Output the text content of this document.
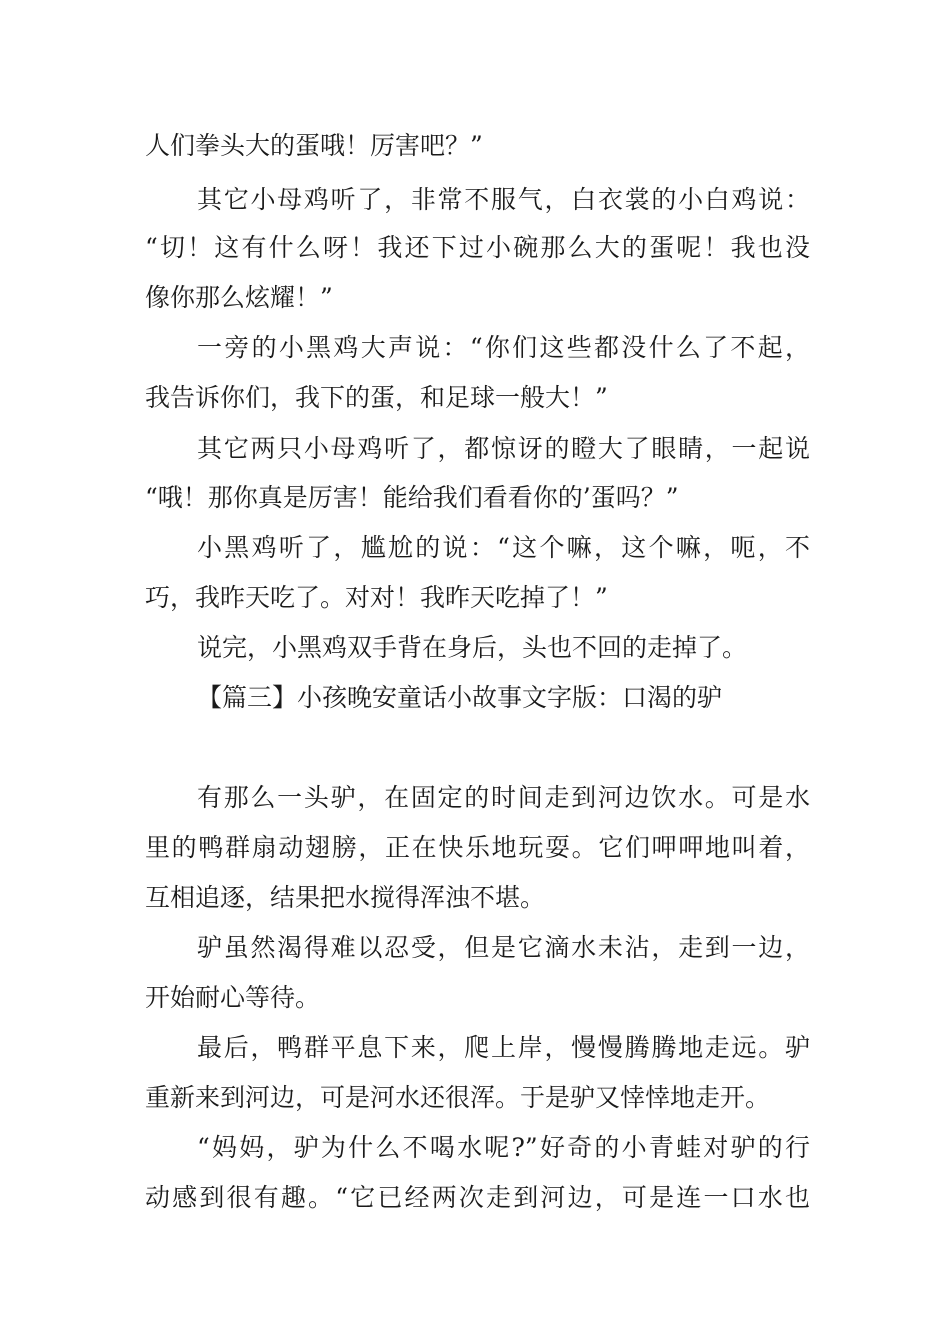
人们拳头大的蛋哦！厉害吧？”
其它小母鸡听了，非常不服气，白衣裳的小白鸡说：
“切！这有什么呀！我还下过小碗那么大的蛋呢！我也没
像你那么炫耀！”
一旁的小黑鸡大声说：“你们这些都没什么了不起，
我告诉你们，我下的蛋，和足球一般大！”
其它两只小母鸡听了，都惊讶的瞪大了眼睛，一起说
“哦！那你真是厉害！能给我们看看你的’蛋吗？”
小黑鸡听了，尴尬的说：“这个嘛，这个嘛，呃，不
巧，我昨天吃了。对对！我昨天吃掉了！”
说完，小黑鸡双手背在身后，头也不回的走掉了。
【篇三】小孩晚安童话小故事文字版：口渴的驴
有那么一头驴，在固定的时间走到河边饮水。可是水
里的鸭群扇动翅膀，正在快乐地玩耍。它们呷呷地叫着，
互相追逐，结果把水搅得浑浊不堪。
驴虽然渴得难以忍受，但是它滴水未沾，走到一边，
开始耐心等待。
最后，鸭群平息下来，爬上岸，慢慢腾腾地走远。驴
重新来到河边，可是河水还很浑。于是驴又悻悻地走开。
“妈妈，驴为什么不喝水呢?”好奇的小青蛙对驴的行
动感到很有趣。“它已经两次走到河边，可是连一口水也
